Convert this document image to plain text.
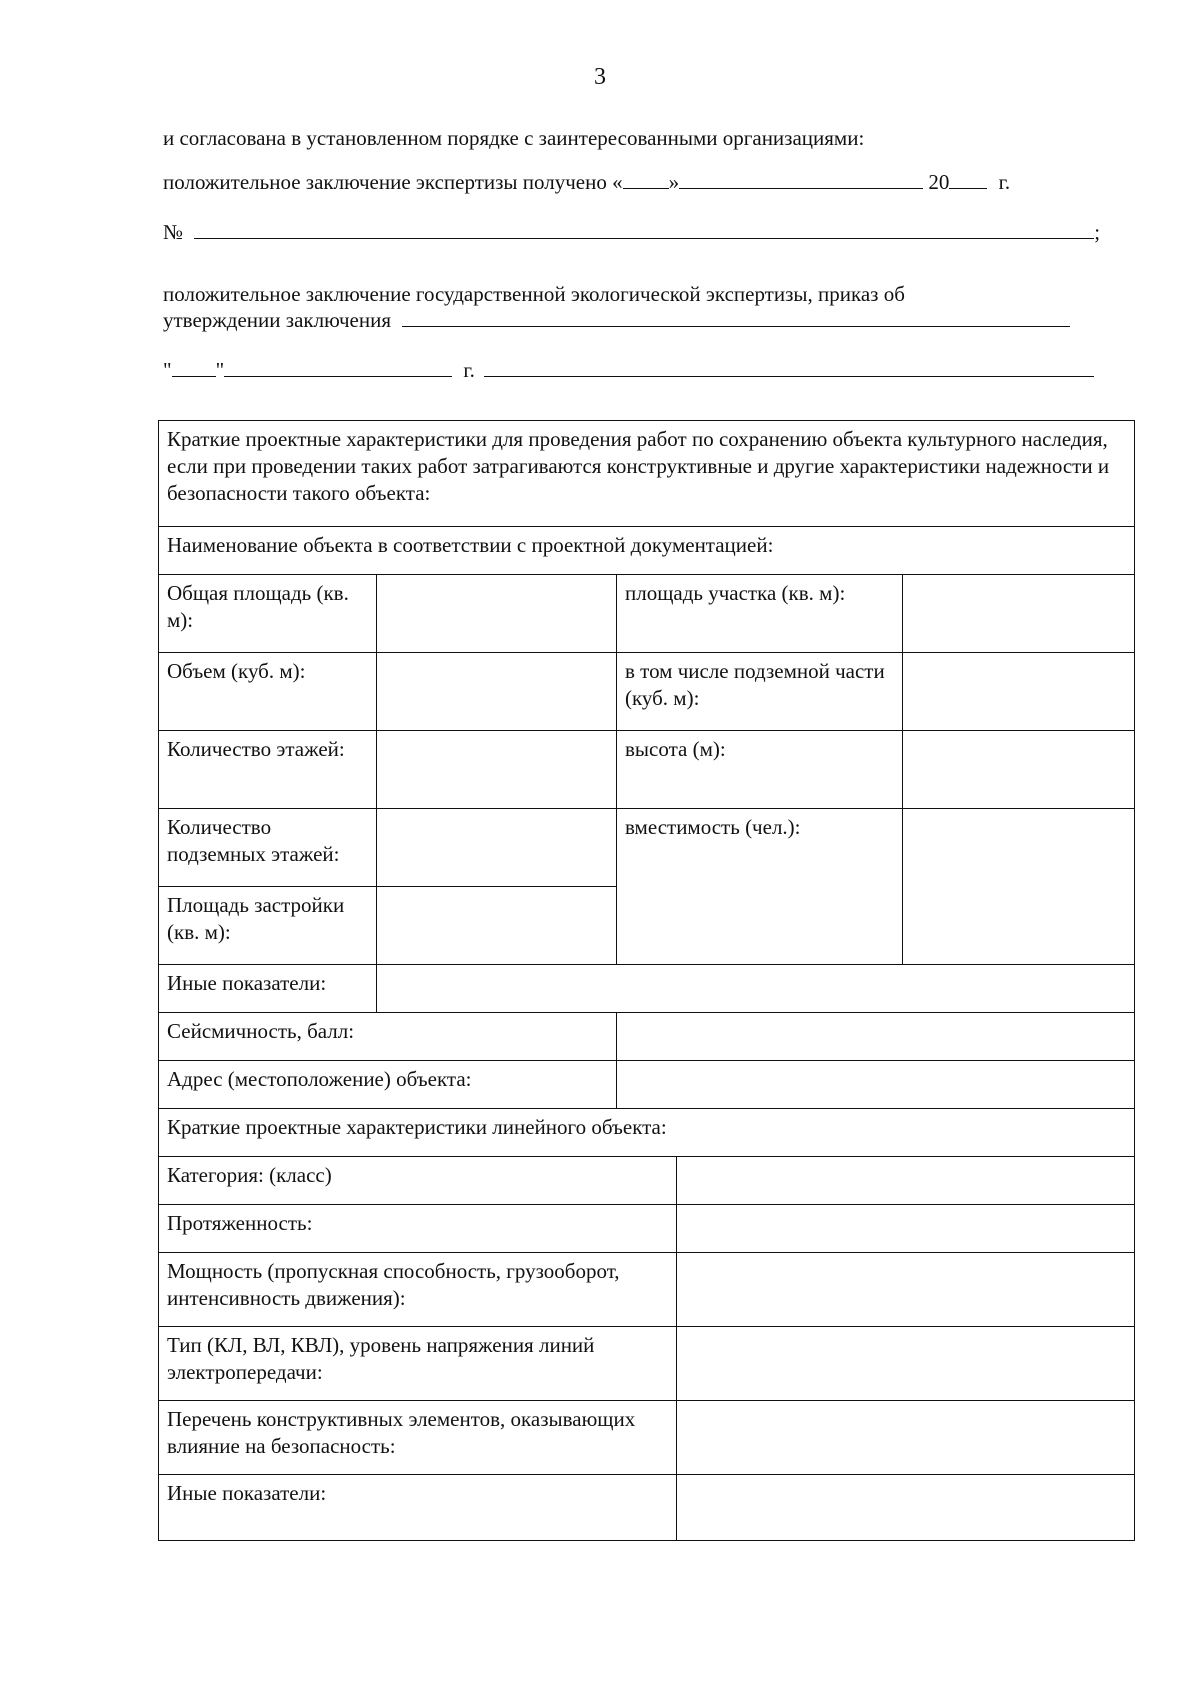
3
и согласована в установленном порядке с заинтересованными организациями:
положительное заключение экспертизы получено « »	20 г.
№	;
положительное заключение государственной экологической экспертизы, приказ об
утверждении заключения
" "	г.
Краткие проектные характеристики для проведения работ по сохранению объекта культурного наследия, если при проведении таких работ затрагиваются конструктивные и другие характеристики надежности и безопасности такого объекта:				
Наименование объекта в соответствии с проектной документацией:				
Общая площадь (кв. м):		площадь участка (кв. м):		
Объем (куб. м):		в том числе подземной части (куб. м):		
Количество этажей:		высота (м):		
Количество подземных этажей:		вместимость (чел.):		
Площадь застройки (кв. м):				
Иные показатели:				
Сейсмичность, балл:				
Адрес (местоположение) объекта:				
Краткие проектные характеристики линейного объекта:				
Категория: (класс)				
Протяженность:				
Мощность (пропускная способность, грузооборот, интенсивность движения):				
Тип (КЛ, ВЛ, КВЛ), уровень напряжения линий электропередачи:				
Перечень конструктивных элементов, оказывающих влияние на безопасность:				
Иные показатели:				
